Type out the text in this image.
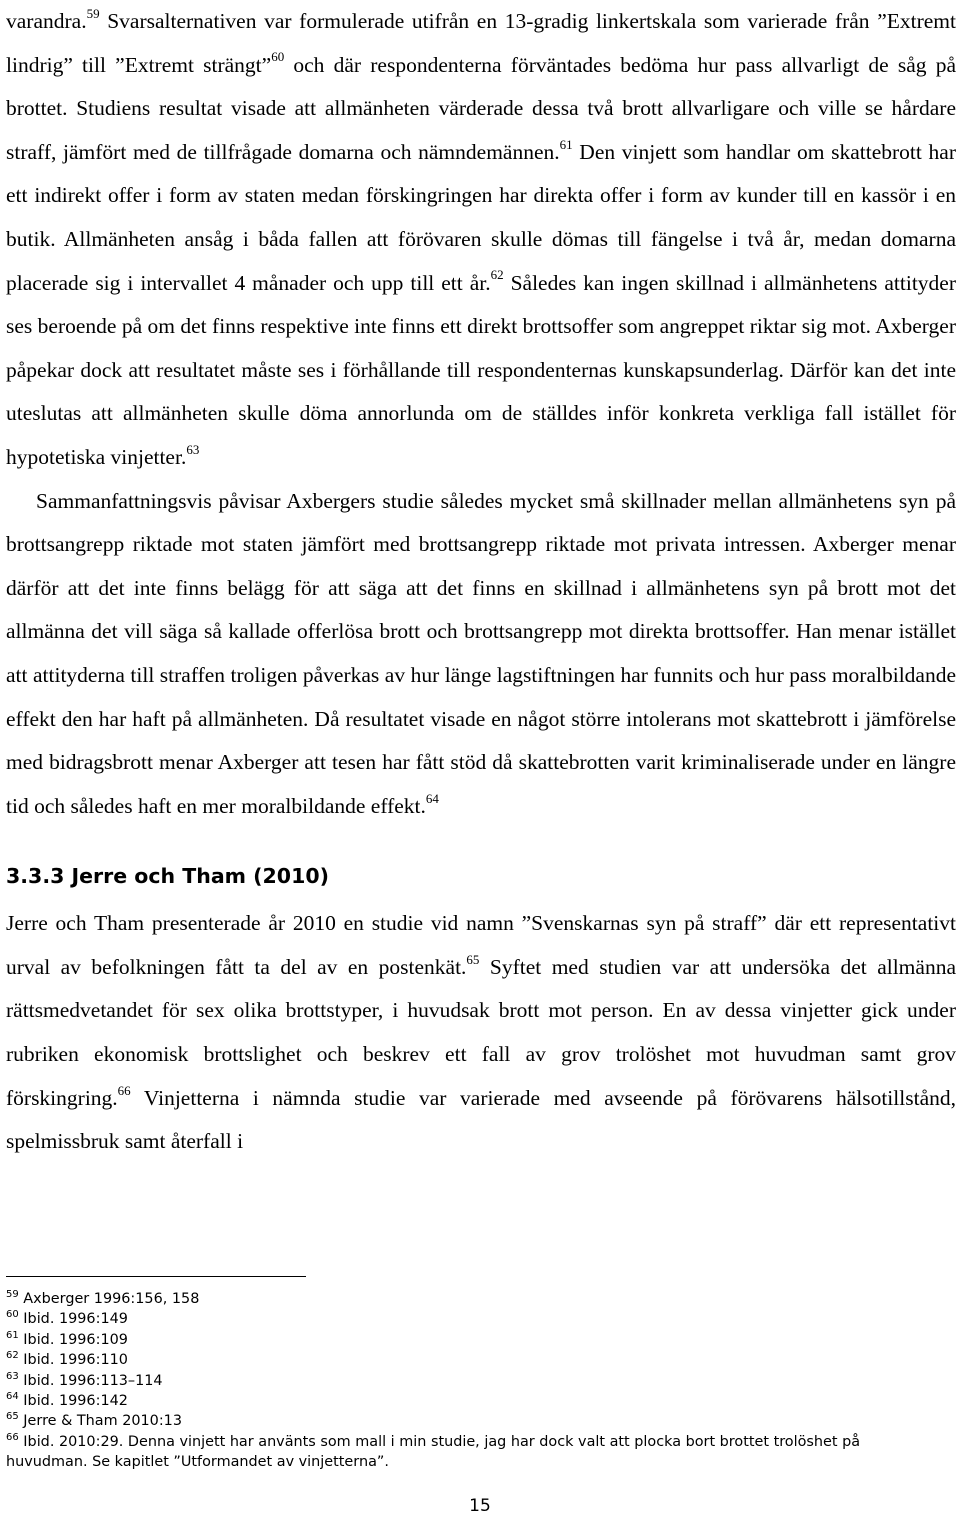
varandra.$^{59}$ Svarsalternativen var formulerade utifrån en 13-gradig linkertskala som varierade från ”Extremt lindrig” till ”Extremt strängt”$^{60}$ och där respondenterna förväntades bedöma hur pass allvarligt de såg på brottet. Studiens resultat visade att allmänheten värderade dessa två brott allvarligare och ville se hårdare straff, jämfört med de tillfrågade domarna och nämndemännen.$^{61}$ Den vinjett som handlar om skattebrott har ett indirekt offer i form av staten medan förskingringen har direkta offer i form av kunder till en kassör i en butik. Allmänheten ansåg i båda fallen att förövaren skulle dömas till fängelse i två år, medan domarna placerade sig i intervallet 4 månader och upp till ett år.$^{62}$ Således kan ingen skillnad i allmänhetens attityder ses beroende på om det finns respektive inte finns ett direkt brottsoffer som angreppet riktar sig mot. Axberger påpekar dock att resultatet måste ses i förhållande till respondenternas kunskapsunderlag. Därför kan det inte uteslutas att allmänheten skulle döma annorlunda om de ställdes inför konkreta verkliga fall istället för hypotetiska vinjetter.$^{63}$

Sammanfattningsvis påvisar Axbergers studie således mycket små skillnader mellan allmänhetens syn på brottsangrepp riktade mot staten jämfört med brottsangrepp riktade mot privata intressen. Axberger menar därför att det inte finns belägg för att säga att det finns en skillnad i allmänhetens syn på brott mot det allmänna det vill säga så kallade offerlösa brott och brottsangrepp mot direkta brottsoffer. Han menar istället att attityderna till straffen troligen påverkas av hur länge lagstiftningen har funnits och hur pass moralbildande effekt den har haft på allmänheten. Då resultatet visade en något större intolerans mot skattebrott i jämförelse med bidragsbrott menar Axberger att tesen har fått stöd då skattebrotten varit kriminaliserade under en längre tid och således haft en mer moralbildande effekt.$^{64}$

3.3.3 Jerre och Tham (2010)

Jerre och Tham presenterade år 2010 en studie vid namn ”Svenskarnas syn på straff” där ett representativt urval av befolkningen fått ta del av en postenkät.$^{65}$ Syftet med studien var att undersöka det allmänna rättsmedvetandet för sex olika brottstyper, i huvudsak brott mot person. En av dessa vinjetter gick under rubriken ekonomisk brottslighet och beskrev ett fall av grov trolöshet mot huvudman samt grov förskingring.$^{66}$ Vinjetterna i nämnda studie var varierade med avseende på förövarens hälsotillstånd, spelmissbruk samt återfall i

$^{59}$ Axberger 1996:156, 158

$^{60}$ Ibid. 1996:149

$^{61}$ Ibid. 1996:109

$^{62}$ Ibid. 1996:110

$^{63}$ Ibid. 1996:113–114

$^{64}$ Ibid. 1996:142

$^{65}$ Jerre & Tham 2010:13

$^{66}$ Ibid. 2010:29. Denna vinjett har använts som mall i min studie, jag har dock valt att plocka bort brottet trolöshet på huvudman. Se kapitlet ”Utformandet av vinjetterna”.

15
